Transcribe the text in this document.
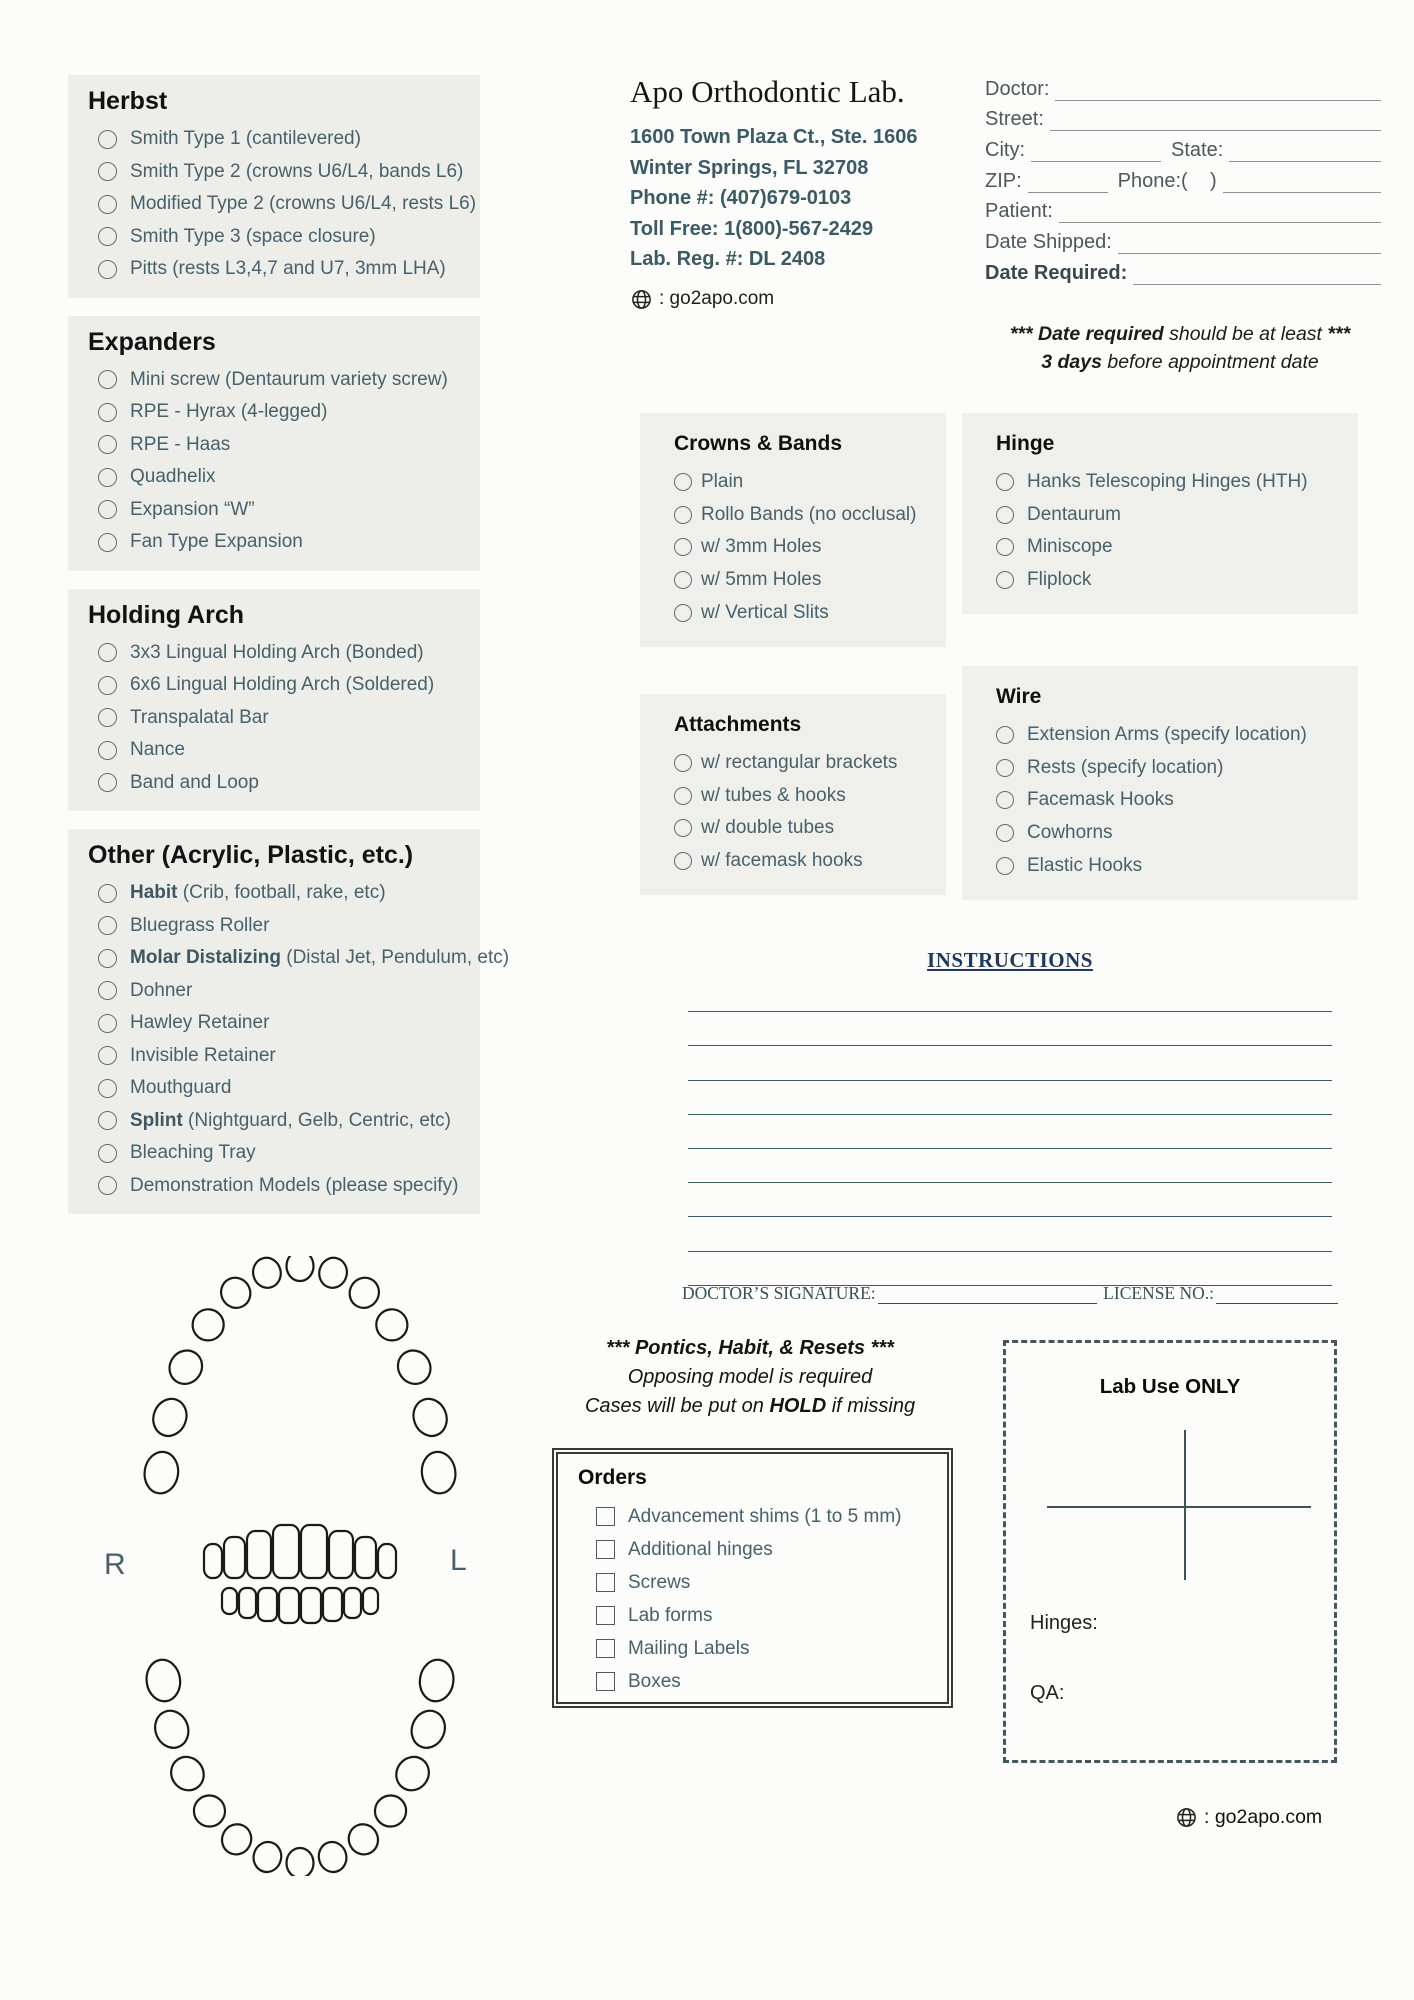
Herbst
Smith Type 1 (cantilevered)
Smith Type 2 (crowns U6/L4, bands L6)
Modified Type 2 (crowns U6/L4, rests L6)
Smith Type 3 (space closure)
Pitts (rests L3,4,7 and U7, 3mm LHA)
Expanders
Mini screw (Dentaurum variety screw)
RPE - Hyrax (4-legged)
RPE - Haas
Quadhelix
Expansion “W”
Fan Type Expansion
Holding Arch
3x3 Lingual Holding Arch (Bonded)
6x6 Lingual Holding Arch (Soldered)
Transpalatal Bar
Nance
Band and Loop
Other (Acrylic, Plastic, etc.)
Habit (Crib, football, rake, etc)
Bluegrass Roller
Molar Distalizing (Distal Jet, Pendulum, etc)
Dohner
Hawley Retainer
Invisible Retainer
Mouthguard
Splint (Nightguard, Gelb, Centric, etc)
Bleaching Tray
Demonstration Models (please specify)
Apo Orthodontic Lab.
1600 Town Plaza Ct., Ste. 1606
Winter Springs, FL 32708
Phone #: (407)679-0103
Toll Free: 1(800)-567-2429
Lab. Reg. #: DL 2408
: go2apo.com
Doctor:
Street:
City:	State:
ZIP:	Phone:(    )
Patient:
Date Shipped:
Date Required:
*** Date required should be at least ***
3 days before appointment date
Crowns & Bands
Plain
Rollo Bands (no occlusal)
w/ 3mm Holes
w/ 5mm Holes
w/ Vertical Slits
Hinge
Hanks Telescoping Hinges (HTH)
Dentaurum
Miniscope
Fliplock
Attachments
w/ rectangular brackets
w/ tubes & hooks
w/ double tubes
w/ facemask hooks
Wire
Extension Arms (specify location)
Rests (specify location)
Facemask Hooks
Cowhorns
Elastic Hooks
INSTRUCTIONS
DOCTOR’S SIGNATURE:	LICENSE NO.:
R	L
*** Pontics, Habit, & Resets ***
Opposing model is required
Cases will be put on HOLD if missing
Orders
Advancement shims (1 to 5 mm)
Additional hinges
Screws
Lab forms
Mailing Labels
Boxes
Lab Use ONLY
Hinges:
QA:
: go2apo.com
